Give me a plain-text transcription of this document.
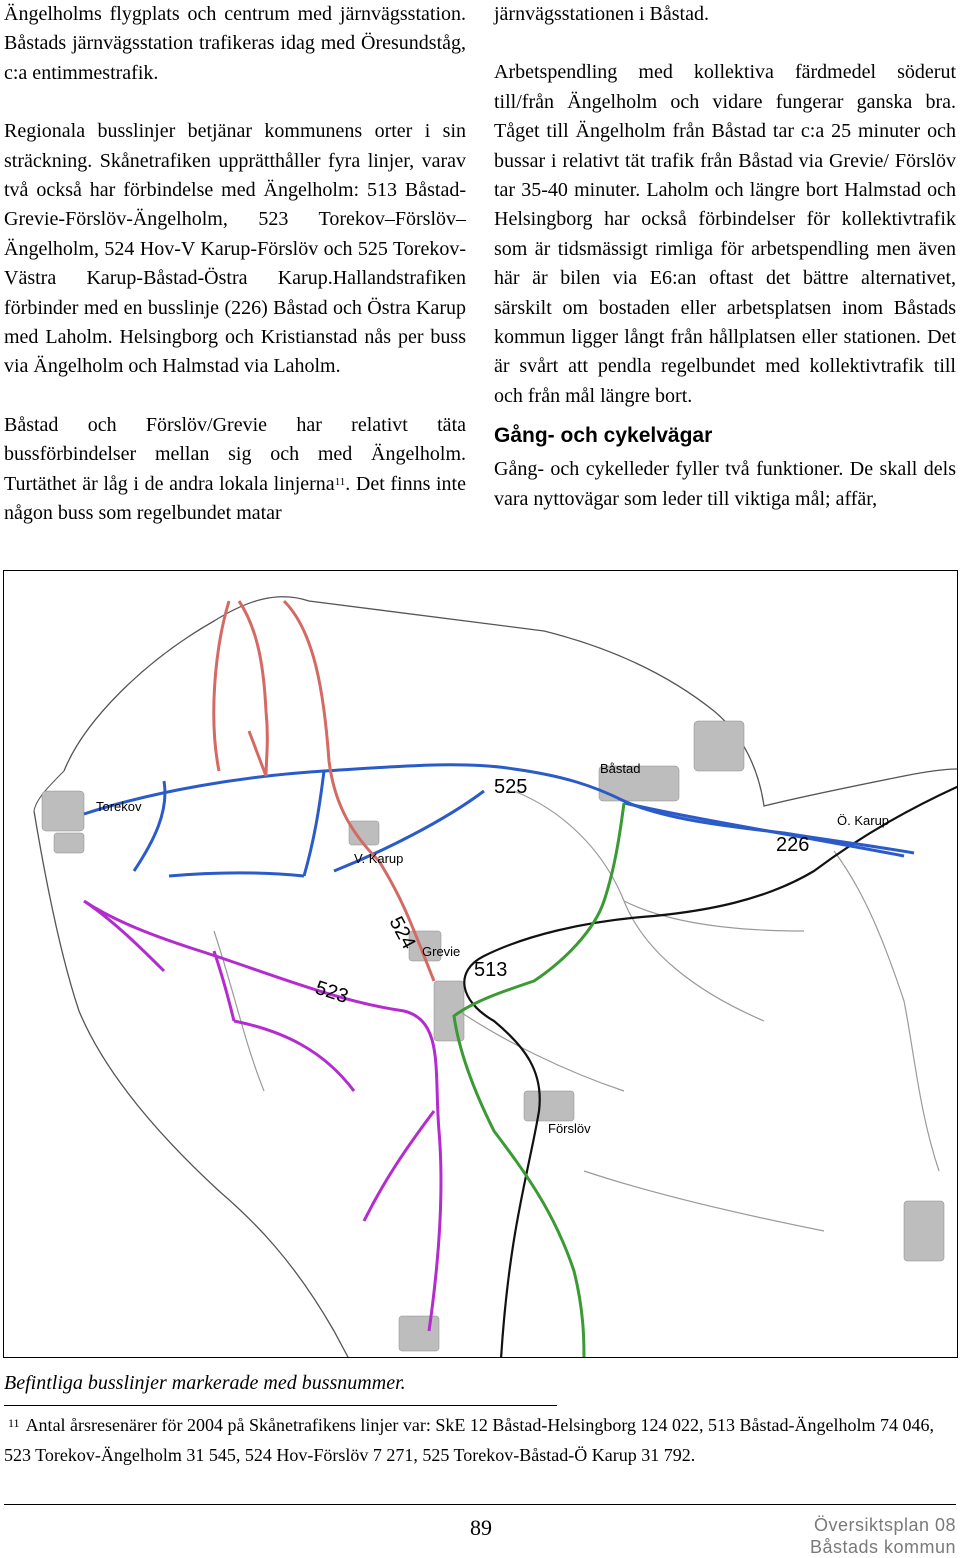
Ängelholms flygplats och centrum med järnvägsstation. Båstads järnvägsstation trafikeras idag med Öresundståg, c:a entimmestrafik.

Regionala busslinjer betjänar kommunens orter i sin sträckning. Skånetrafiken upprätthåller fyra linjer, varav två också har förbindelse med Ängelholm: 513 Båstad-Grevie-Förslöv-Ängelholm, 523 Torekov–Förslöv–Ängelholm, 524 Hov-V Karup-Förslöv och 525 Torekov-Västra Karup-Båstad-Östra Karup.Hallandstrafiken förbinder med en busslinje (226) Båstad och Östra Karup med Laholm. Helsingborg och Kristianstad nås per buss via Ängelholm och Halmstad via Laholm.

Båstad och Förslöv/Grevie har relativt täta bussförbindelser mellan sig och med Ängelholm. Turtäthet är låg i de andra lokala linjerna$^{11}$. Det finns inte någon buss som regelbundet matar

järnvägsstationen i Båstad.

Arbetspendling med kollektiva färdmedel söderut till/från Ängelholm och vidare fungerar ganska bra. Tåget till Ängelholm från Båstad tar c:a 25 minuter och bussar i relativt tät trafik från Båstad via Grevie/ Förslöv tar 35-40 minuter. Laholm och längre bort Halmstad och Helsingborg har också förbindelser för kollektivtrafik som är tidsmässigt rimliga för arbetspendling men även här är bilen via E6:an oftast det bättre alternativet, särskilt om bostaden eller arbetsplatsen inom Båstads kommun ligger långt från hållplatsen eller stationen. Det är svårt att pendla regelbundet med kollektivtrafik till och från mål längre bort.

Gång- och cykelvägar

Gång- och cykelleder fyller två funktioner. De skall dels vara nyttovägar som leder till viktiga mål; affär,

Torekov
V. Karup
Båstad
Ö. Karup
Grevie
Förslöv
525
226
513
523
524
Befintliga busslinjer markerade med bussnummer.
$^{11}$ Antal årsresenärer för 2004 på Skånetrafikens linjer var: SkE 12 Båstad-Helsingborg 124 022, 513 Båstad-Ängelholm 74 046, 523 Torekov-Ängelholm 31 545, 524 Hov-Förslöv 7 271, 525 Torekov-Båstad-Ö Karup 31 792.
89	Översiktsplan 08
Båstads kommun
